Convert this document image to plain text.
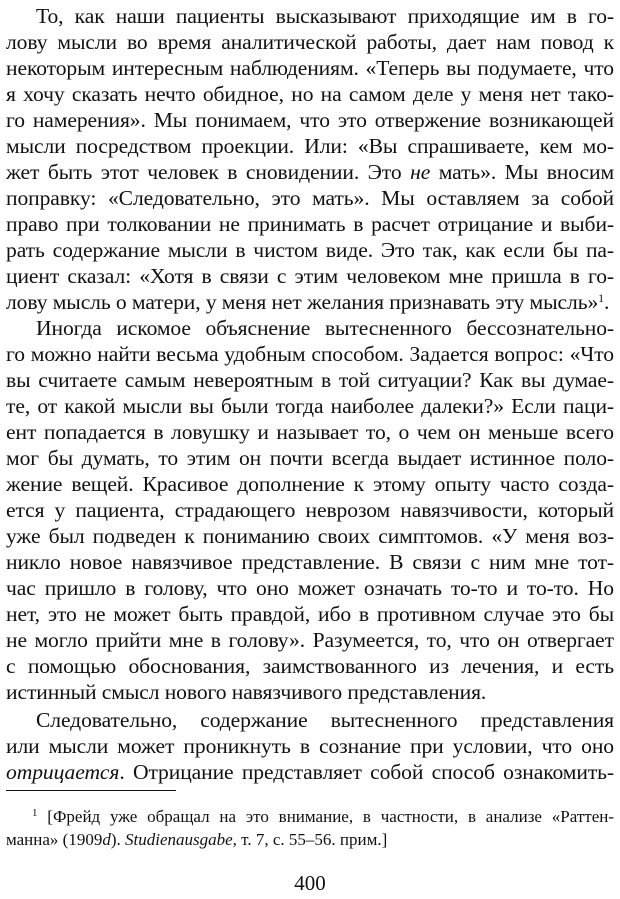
То, как наши пациенты высказывают приходящие им в го-
лову мысли во время аналитической работы, дает нам повод к
некоторым интересным наблюдениям. «Теперь вы подумаете, что
я хочу сказать нечто обидное, но на самом деле у меня нет тако-
го намерения». Мы понимаем, что это отвержение возникающей
мысли посредством проекции. Или: «Вы спрашиваете, кем мо-
жет быть этот человек в сновидении. Это не мать». Мы вносим
поправку: «Следовательно, это мать». Мы оставляем за собой
право при толковании не принимать в расчет отрицание и выби-
рать содержание мысли в чистом виде. Это так, как если бы па-
циент сказал: «Хотя в связи с этим человеком мне пришла в го-
лову мысль о матери, у меня нет желания признавать эту мысль»$^1$.
Иногда искомое объяснение вытесненного бессознательно-
го можно найти весьма удобным способом. Задается вопрос: «Что
вы считаете самым невероятным в той ситуации? Как вы думае-
те, от какой мысли вы были тогда наиболее далеки?» Если паци-
ент попадается в ловушку и называет то, о чем он меньше всего
мог бы думать, то этим он почти всегда выдает истинное поло-
жение вещей. Красивое дополнение к этому опыту часто созда-
ется у пациента, страдающего неврозом навязчивости, который
уже был подведен к пониманию своих симптомов. «У меня воз-
никло новое навязчивое представление. В связи с ним мне тот-
час пришло в голову, что оно может означать то-то и то-то. Но
нет, это не может быть правдой, ибо в противном случае это бы
не могло прийти мне в голову». Разумеется, то, что он отвергает
с помощью обоснования, заимствованного из лечения, и есть
истинный смысл нового навязчивого представления.
Следовательно, содержание вытесненного представления
или мысли может проникнуть в сознание при условии, что оно
отрицается. Отрицание представляет собой способ ознакомить-
$^1$ [Фрейд уже обращал на это внимание, в частности, в анализе «Раттен-
манна» (1909d). Studienausgabe, т. 7, с. 55–56. прим.]
400
